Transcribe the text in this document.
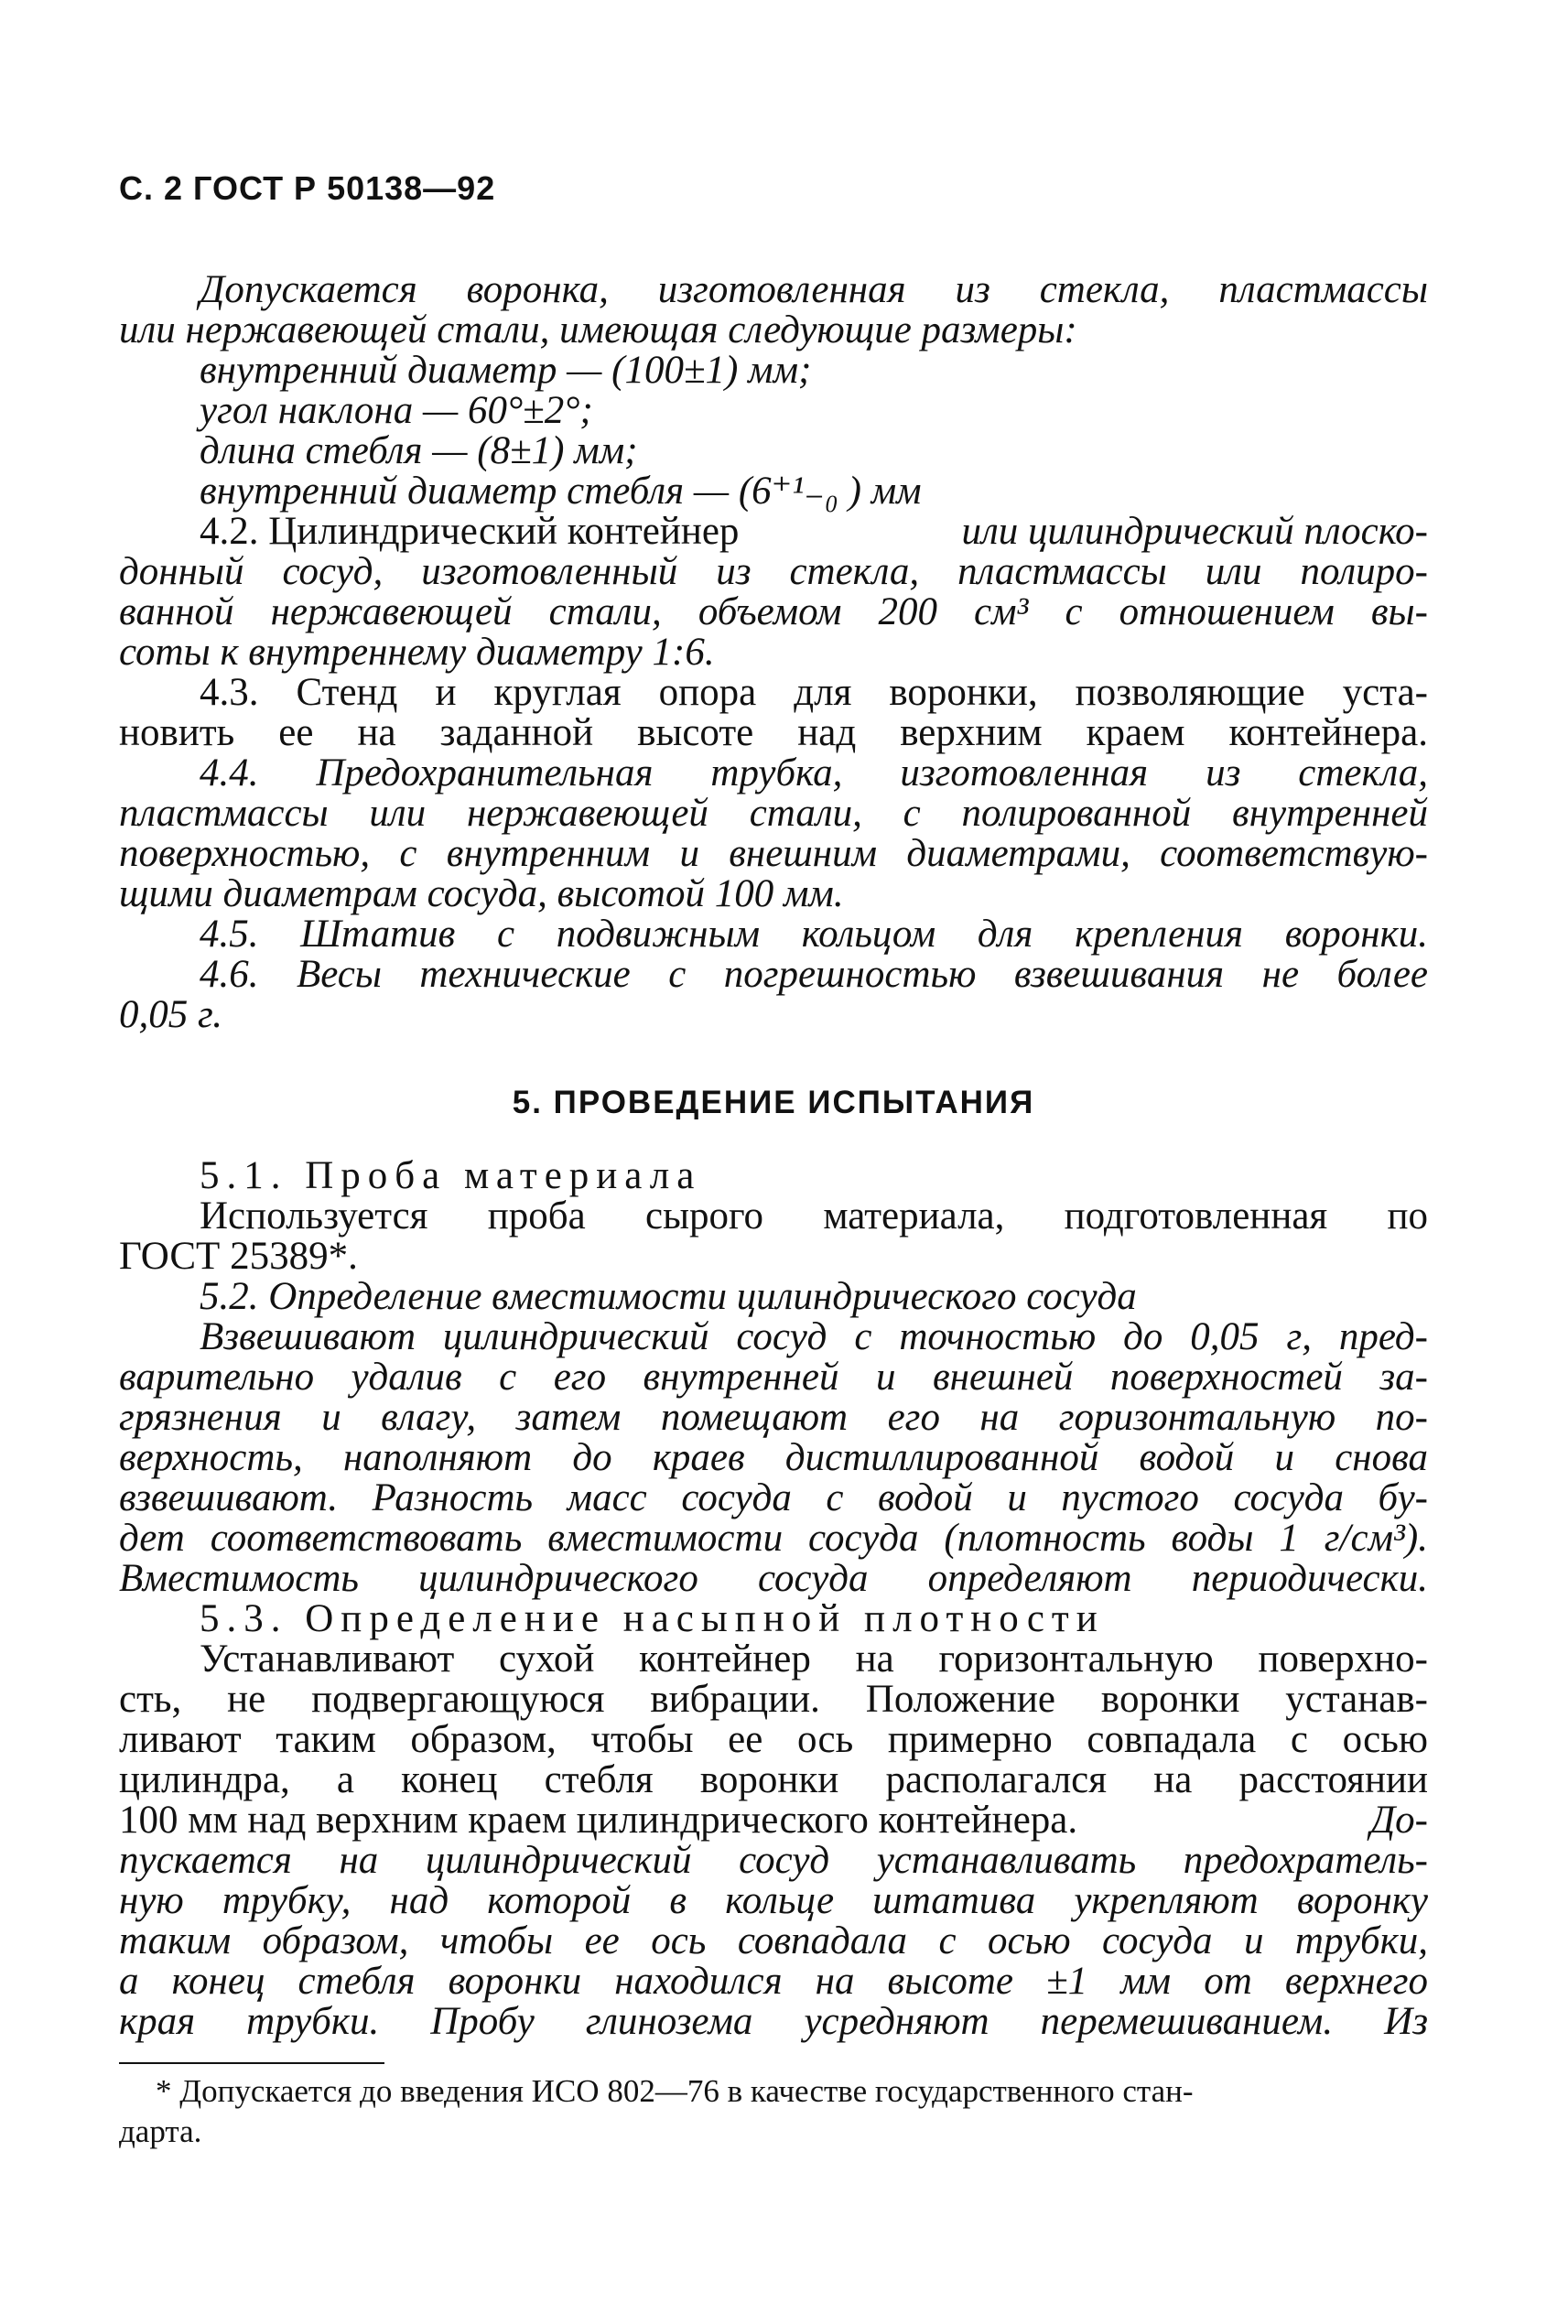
С. 2 ГОСТ Р 50138—92
Допускается воронка, изготовленная из стекла, пластмассы
или нержавеющей стали, имеющая следующие размеры:
внутренний диаметр — (100±1) мм;
угол наклона — 60°±2°;
длина стебля — (8±1) мм;
внутренний диаметр стебля — (6⁺¹₋₀ ) мм
4.2. Цилиндрический контейнер	или цилиндрический плоско-
донный сосуд, изготовленный из стекла, пластмассы или полиро-
ванной нержавеющей стали, объемом 200 см³ с отношением вы-
соты к внутреннему диаметру 1:6.
4.3. Стенд и круглая опора для воронки, позволяющие уста-
новить ее на заданной высоте над верхним краем контейнера.
4.4. Предохранительная трубка, изготовленная из стекла,
пластмассы или нержавеющей стали, с полированной внутренней
поверхностью, с внутренним и внешним диаметрами, соответствую-
щими диаметрам сосуда, высотой 100 мм.
4.5. Штатив с подвижным кольцом для крепления воронки.
4.6. Весы технические с погрешностью взвешивания не более
0,05 г.
5. ПРОВЕДЕНИЕ ИСПЫТАНИЯ
5.1. Проба материала
Используется проба сырого материала, подготовленная по
ГОСТ 25389*.
5.2. Определение вместимости цилиндрического сосуда
Взвешивают цилиндрический сосуд с точностью до 0,05 г, пред-
варительно удалив с его внутренней и внешней поверхностей за-
грязнения и влагу, затем помещают его на горизонтальную по-
верхность, наполняют до краев дистиллированной водой и снова
взвешивают. Разность масс сосуда с водой и пустого сосуда бу-
дет соответствовать вместимости сосуда (плотность воды 1 г/см³).
Вместимость цилиндрического сосуда определяют периодически.
5.3. Определение насыпной плотности
Устанавливают сухой контейнер на горизонтальную поверхно-
сть, не подвергающуюся вибрации. Положение воронки устанав-
ливают таким образом, чтобы ее ось примерно совпадала с осью
цилиндра, а конец стебля воронки располагался на расстоянии
100 мм над верхним краем цилиндрического контейнера.	До-
пускается на цилиндрический сосуд устанавливать предохратель-
ную трубку, над которой в кольце штатива укрепляют воронку
таким образом, чтобы ее ось совпадала с осью сосуда и трубки,
а конец стебля воронки находился на высоте ±1 мм от верхнего
края трубки. Пробу глинозема усредняют перемешиванием. Из
* Допускается до введения ИСО 802—76 в качестве государственного стан-
дарта.
